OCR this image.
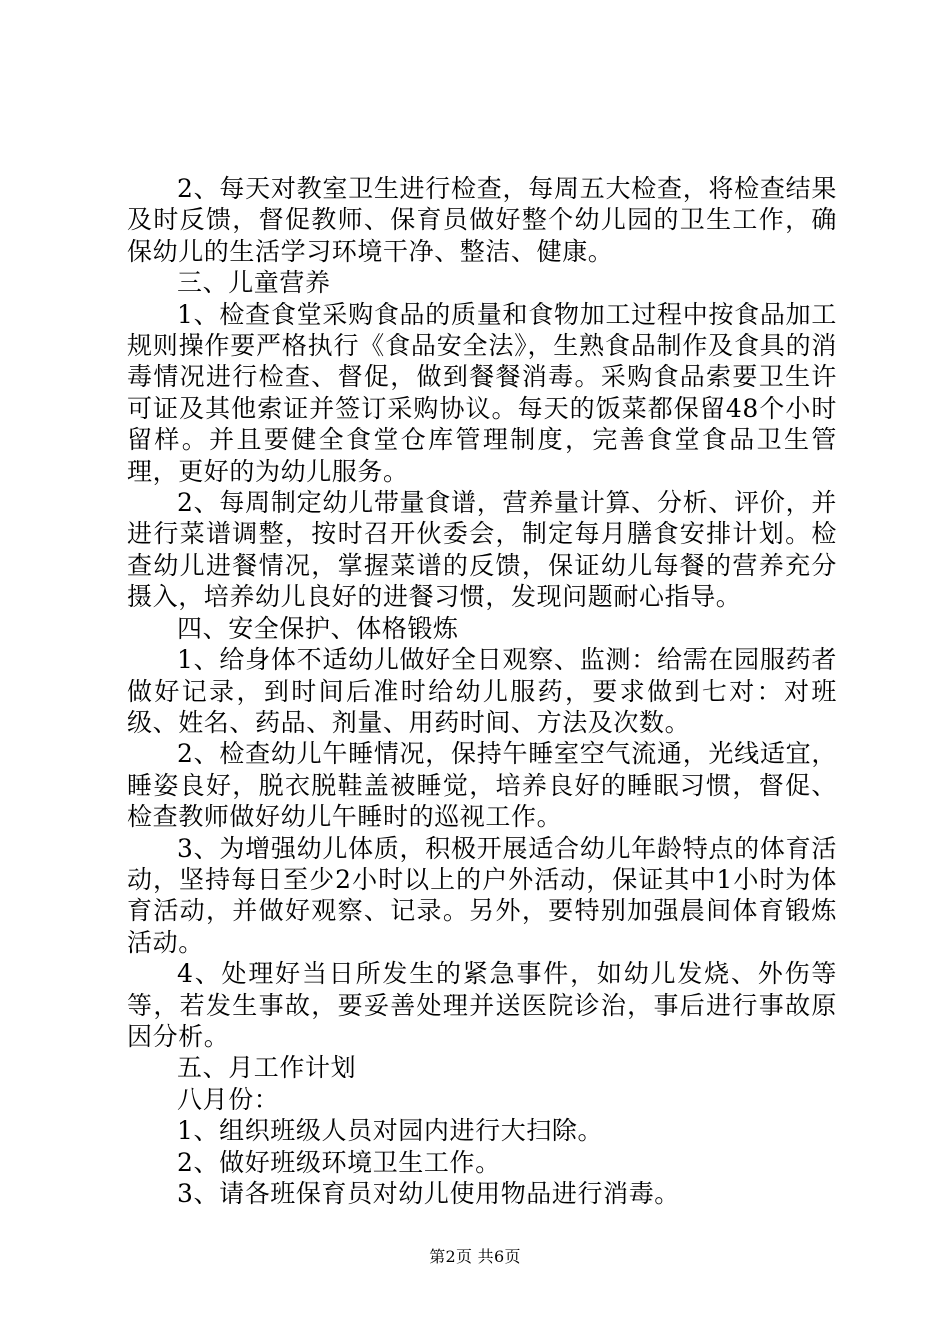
2、每天对教室卫生进行检查，每周五大检查，将检查结果及时反馈，督促教师、保育员做好整个幼儿园的卫生工作，确保幼儿的生活学习环境干净、整洁、健康。

三、儿童营养

1、检查食堂采购食品的质量和食物加工过程中按食品加工规则操作要严格执行《食品安全法》，生熟食品制作及食具的消毒情况进行检查、督促，做到餐餐消毒。采购食品索要卫生许可证及其他索证并签订采购协议。每天的饭菜都保留48个小时留样。并且要健全食堂仓库管理制度，完善食堂食品卫生管理，更好的为幼儿服务。

2、每周制定幼儿带量食谱，营养量计算、分析、评价，并进行菜谱调整，按时召开伙委会，制定每月膳食安排计划。检查幼儿进餐情况，掌握菜谱的反馈，保证幼儿每餐的营养充分摄入，培养幼儿良好的进餐习惯，发现问题耐心指导。

四、安全保护、体格锻炼

1、给身体不适幼儿做好全日观察、监测：给需在园服药者做好记录，到时间后准时给幼儿服药，要求做到七对：对班级、姓名、药品、剂量、用药时间、方法及次数。

2、检查幼儿午睡情况，保持午睡室空气流通，光线适宜，睡姿良好，脱衣脱鞋盖被睡觉，培养良好的睡眠习惯，督促、检查教师做好幼儿午睡时的巡视工作。

3、为增强幼儿体质，积极开展适合幼儿年龄特点的体育活动，坚持每日至少2小时以上的户外活动，保证其中1小时为体育活动，并做好观察、记录。另外，要特别加强晨间体育锻炼活动。

4、处理好当日所发生的紧急事件，如幼儿发烧、外伤等等，若发生事故，要妥善处理并送医院诊治，事后进行事故原因分析。

五、月工作计划

八月份：

1、组织班级人员对园内进行大扫除。

2、做好班级环境卫生工作。

3、请各班保育员对幼儿使用物品进行消毒。

第2页 共6页
